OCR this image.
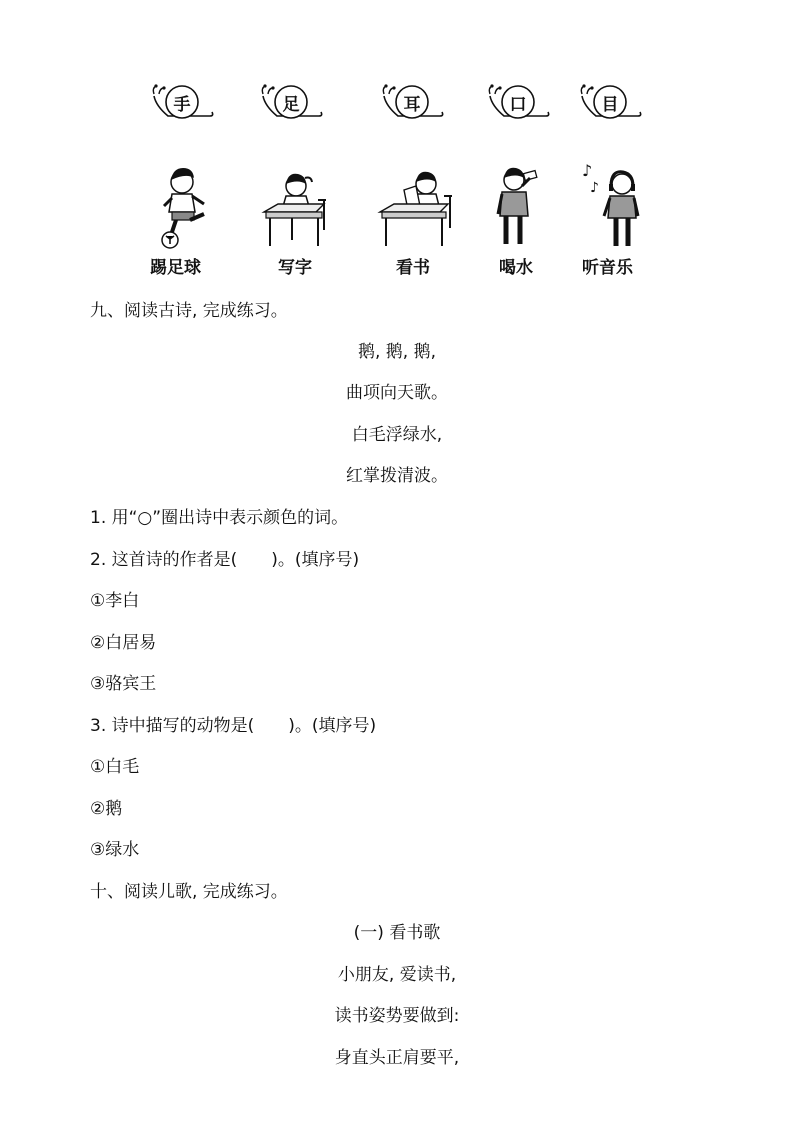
手	足	耳	口	目
♪
♪
踢足球	写字	看书	喝水	听音乐
九、阅读古诗, 完成练习。
鹅, 鹅, 鹅,
曲项向天歌。
白毛浮绿水,
红掌拨清波。
1. 用“○”圈出诗中表示颜色的词。
2. 这首诗的作者是(　　)。(填序号)
①李白
②白居易
③骆宾王
3. 诗中描写的动物是(　　)。(填序号)
①白毛
②鹅
③绿水
十、阅读儿歌, 完成练习。
(一) 看书歌
小朋友, 爱读书,
读书姿势要做到:
身直头正肩要平,
